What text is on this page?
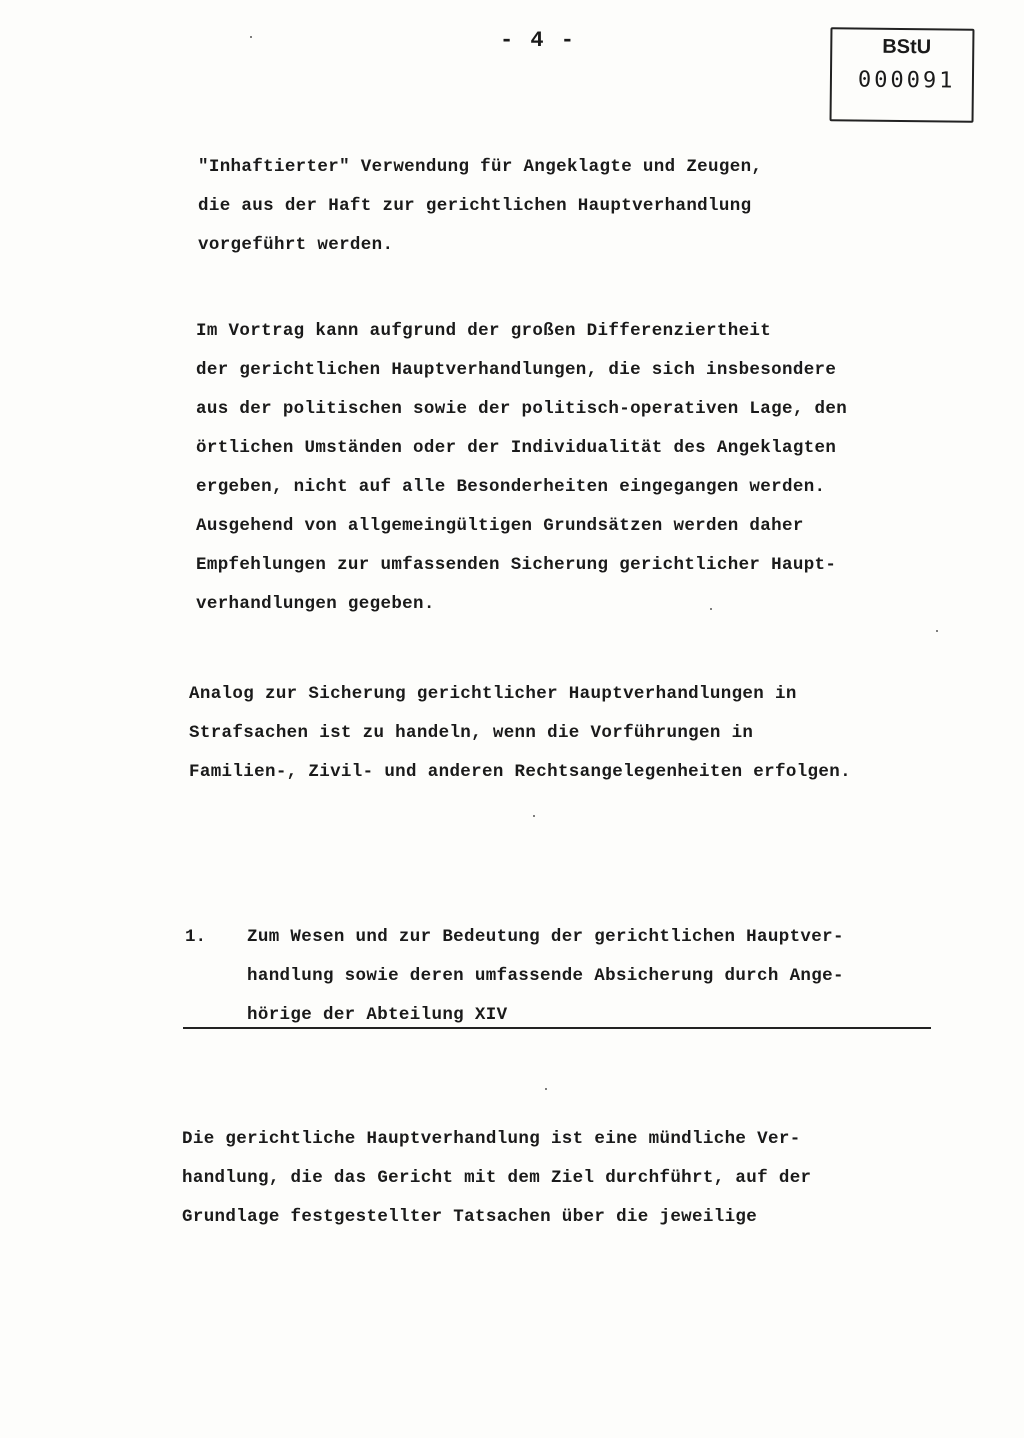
- 4 -	BStU
000091

"Inhaftierter" Verwendung für Angeklagte und Zeugen,
die aus der Haft zur gerichtlichen Hauptverhandlung
vorgeführt werden.

Im Vortrag kann aufgrund der großen Differenziertheit
der gerichtlichen Hauptverhandlungen, die sich insbesondere
aus der politischen sowie der politisch-operativen Lage, den
örtlichen Umständen oder der Individualität des Angeklagten
ergeben, nicht auf alle Besonderheiten eingegangen werden.
Ausgehend von allgemeingültigen Grundsätzen werden daher
Empfehlungen zur umfassenden Sicherung gerichtlicher Haupt-
verhandlungen gegeben.

Analog zur Sicherung gerichtlicher Hauptverhandlungen in
Strafsachen ist zu handeln, wenn die Vorführungen in
Familien-, Zivil- und anderen Rechtsangelegenheiten erfolgen.

1. Zum Wesen und zur Bedeutung der gerichtlichen Hauptver-
handlung sowie deren umfassende Absicherung durch Ange-
hörige der Abteilung XIV

Die gerichtliche Hauptverhandlung ist eine mündliche Ver-
handlung, die das Gericht mit dem Ziel durchführt, auf der
Grundlage festgestellter Tatsachen über die jeweilige
